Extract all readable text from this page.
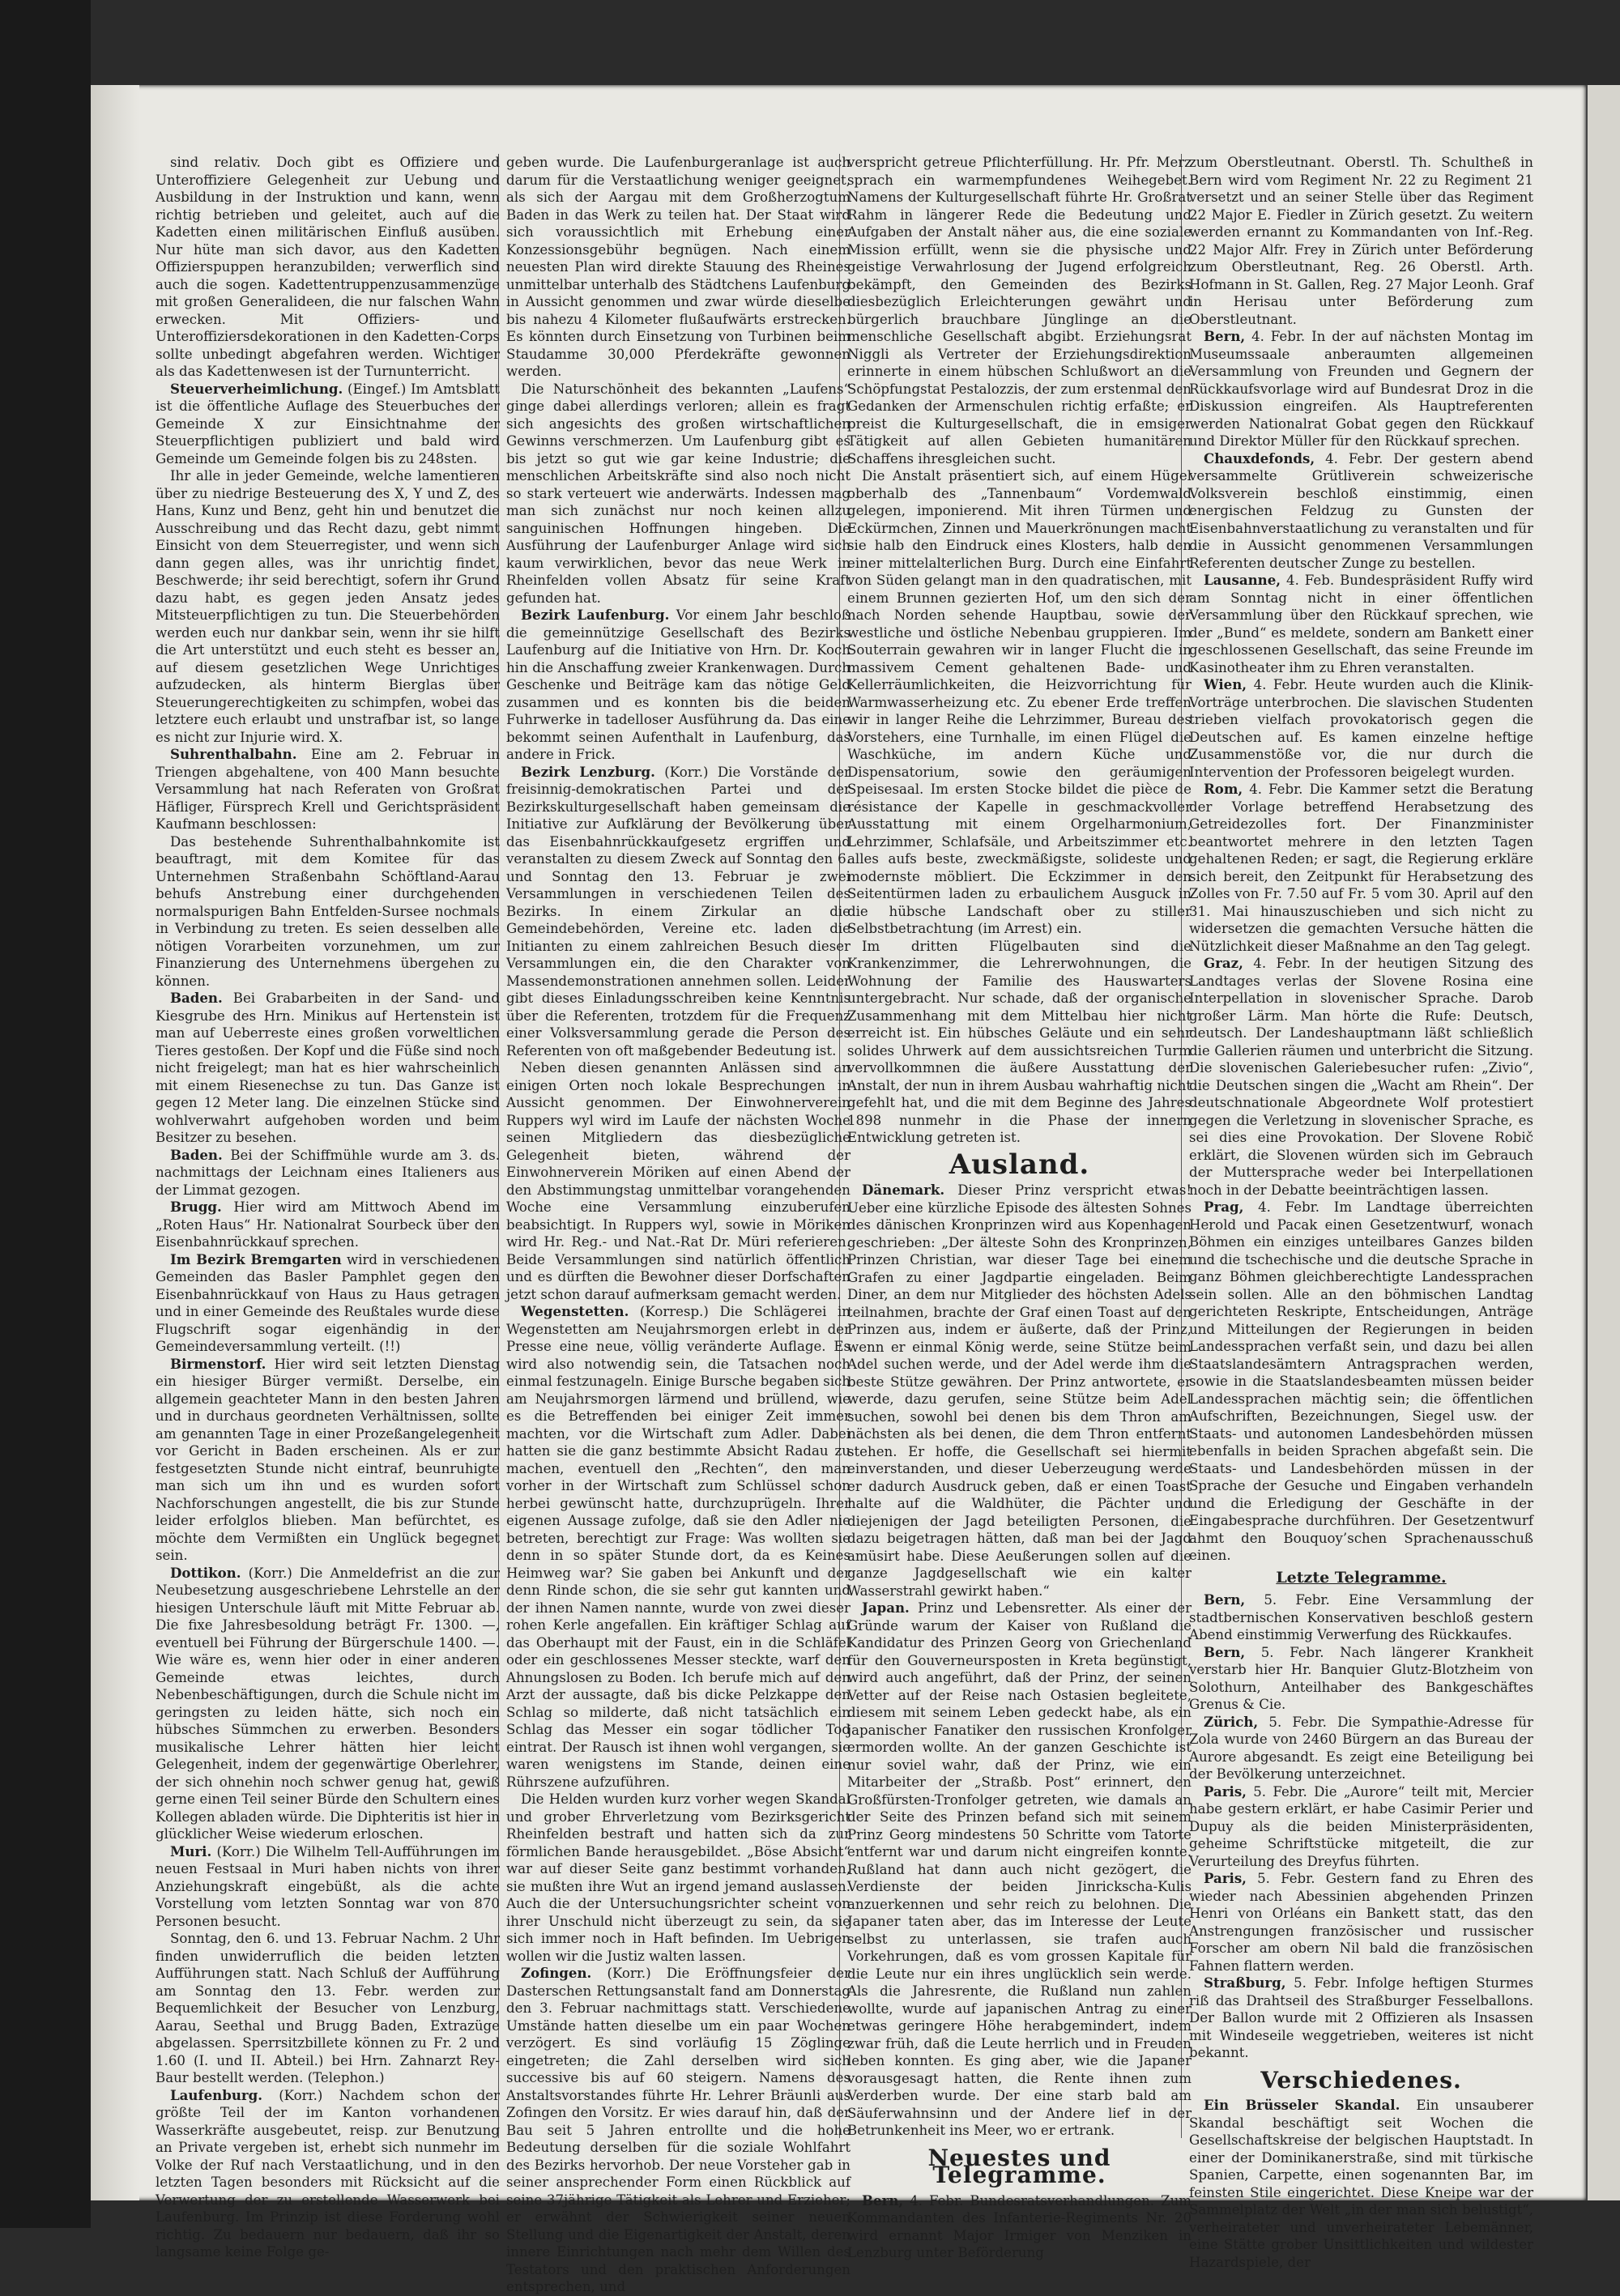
sind relativ. Doch gibt es Offiziere und Unteroffiziere Gelegenheit zur Uebung und Ausbildung in der Instruktion und kann, wenn richtig betrieben und geleitet, auch auf die Kadetten einen militärischen Einfluß ausüben. Nur hüte man sich davor, aus den Kadetten Offizierspuppen heranzubilden; verwerflich sind auch die sogen. Kadettentruppenzusammenzüge mit großen Generalideen, die nur falschen Wahn erwecken. Mit Offiziers- und Unteroffiziersdekorationen in den Kadetten-Corps sollte unbedingt abgefahren werden. Wichtiger als das Kadettenwesen ist der Turnunterricht.

Steuerverheimlichung. (Eingef.) Im Amtsblatt ist die öffentliche Auflage des Steuerbuches der Gemeinde X zur Einsichtnahme der Steuerpflichtigen publiziert und bald wird Gemeinde um Gemeinde folgen bis zu 248sten.

Ihr alle in jeder Gemeinde, welche lamentieren über zu niedrige Besteuerung des X, Y und Z, des Hans, Kunz und Benz, geht hin und benutzet die Ausschreibung und das Recht dazu, gebt nimmt Einsicht von dem Steuerregister, und wenn sich dann gegen alles, was ihr unrichtig findet, Beschwerde; ihr seid berechtigt, sofern ihr Grund dazu habt, es gegen jeden Ansatz jedes Mitsteuerpflichtigen zu tun. Die Steuerbehörden werden euch nur dankbar sein, wenn ihr sie hilft die Art unterstützt und euch steht es besser an, auf diesem gesetzlichen Wege Unrichtiges aufzudecken, als hinterm Bierglas über Steuerungerechtigkeiten zu schimpfen, wobei das letztere euch erlaubt und unstrafbar ist, so lange es nicht zur Injurie wird. X.

Suhrenthalbahn. Eine am 2. Februar in Triengen abgehaltene, von 400 Mann besuchte Versammlung hat nach Referaten von Großrat Häfliger, Fürsprech Krell und Gerichtspräsident Kaufmann beschlossen:

Das bestehende Suhrenthalbahnkomite ist beauftragt, mit dem Komitee für das Unternehmen Straßenbahn Schöftland-Aarau behufs Anstrebung einer durchgehenden normalspurigen Bahn Entfelden-Sursee nochmals in Verbindung zu treten. Es seien desselben alle nötigen Vorarbeiten vorzunehmen, um zur Finanzierung des Unternehmens übergehen zu können.

Baden. Bei Grabarbeiten in der Sand- und Kiesgrube des Hrn. Minikus auf Hertenstein ist man auf Ueberreste eines großen vorweltlichen Tieres gestoßen. Der Kopf und die Füße sind noch nicht freigelegt; man hat es hier wahrscheinlich mit einem Riesenechse zu tun. Das Ganze ist gegen 12 Meter lang. Die einzelnen Stücke sind wohlverwahrt aufgehoben worden und beim Besitzer zu besehen.

Baden. Bei der Schiffmühle wurde am 3. ds. nachmittags der Leichnam eines Italieners aus der Limmat gezogen.

Brugg. Hier wird am Mittwoch Abend im „Roten Haus“ Hr. Nationalrat Sourbeck über den Eisenbahnrückkauf sprechen.

Im Bezirk Bremgarten wird in verschiedenen Gemeinden das Basler Pamphlet gegen den Eisenbahnrückkauf von Haus zu Haus getragen und in einer Gemeinde des Reußtales wurde diese Flugschrift sogar eigenhändig in der Gemeindeversammlung verteilt. (!!)

Birmenstorf. Hier wird seit letzten Dienstag ein hiesiger Bürger vermißt. Derselbe, ein allgemein geachteter Mann in den besten Jahren und in durchaus geordneten Verhältnissen, sollte am genannten Tage in einer Prozeßangelegenheit vor Gericht in Baden erscheinen. Als er zur festgesetzten Stunde nicht eintraf, beunruhigte man sich um ihn und es wurden sofort Nachforschungen angestellt, die bis zur Stunde leider erfolglos blieben. Man befürchtet, es möchte dem Vermißten ein Unglück begegnet sein.

Dottikon. (Korr.) Die Anmeldefrist an die zur Neubesetzung ausgeschriebene Lehrstelle an der hiesigen Unterschule läuft mit Mitte Februar ab. Die fixe Jahresbesoldung beträgt Fr. 1300. —, eventuell bei Führung der Bürgerschule 1400. —. Wie wäre es, wenn hier oder in einer anderen Gemeinde etwas leichtes, durch Nebenbeschäftigungen, durch die Schule nicht im geringsten zu leiden hätte, sich noch ein hübsches Sümmchen zu erwerben. Besonders musikalische Lehrer hätten hier leicht Gelegenheit, indem der gegenwärtige Oberlehrer, der sich ohnehin noch schwer genug hat, gewiß gerne einen Teil seiner Bürde den Schultern eines Kollegen abladen würde. Die Diphteritis ist hier in glücklicher Weise wiederum erloschen.

Muri. (Korr.) Die Wilhelm Tell-Aufführungen im neuen Festsaal in Muri haben nichts von ihrer Anziehungskraft eingebüßt, als die achte Vorstellung vom letzten Sonntag war von 870 Personen besucht.

Sonntag, den 6. und 13. Februar Nachm. 2 Uhr finden unwiderruflich die beiden letzten Aufführungen statt. Nach Schluß der Aufführung am Sonntag den 13. Febr. werden zur Bequemlichkeit der Besucher von Lenzburg, Aarau, Seethal und Brugg Baden, Extrazüge abgelassen. Sperrsitzbillete können zu Fr. 2 und 1.60 (I. und II. Abteil.) bei Hrn. Zahnarzt Rey-Baur bestellt werden. (Telephon.)

Laufenburg. (Korr.) Nachdem schon der größte Teil der im Kanton vorhandenen Wasserkräfte ausgebeutet, reisp. zur Benutzung an Private vergeben ist, erhebt sich nunmehr im Volke der Ruf nach Verstaatlichung, und in den letzten Tagen besonders mit Rücksicht auf die Verwertung der zu erstellende Wasserwerk bei Laufenburg. Im Prinzip ist diese Forderung wohl richtig. Zu bedauern nur bedauern, daß ihr so langsame keine Folge ge-

geben wurde. Die Laufenburgeranlage ist auch darum für die Verstaatlichung weniger geeignet, als sich der Aargau mit dem Großherzogtum Baden in das Werk zu teilen hat. Der Staat wird sich voraussichtlich mit Erhebung einer Konzessionsgebühr begnügen. Nach einem neuesten Plan wird direkte Stauung des Rheines unmittelbar unterhalb des Städtchens Laufenburg in Aussicht genommen und zwar würde dieselbe bis nahezu 4 Kilometer flußaufwärts erstrecken. Es könnten durch Einsetzung von Turbinen beim Staudamme 30,000 Pferdekräfte gewonnen werden.

Die Naturschönheit des bekannten „Laufens“ ginge dabei allerdings verloren; allein es fragt sich angesichts des großen wirtschaftlichen Gewinns verschmerzen. Um Laufenburg gibt es bis jetzt so gut wie gar keine Industrie; die menschlichen Arbeitskräfte sind also noch nicht so stark verteuert wie anderwärts. Indessen mag man sich zunächst nur noch keinen allzu sanguinischen Hoffnungen hingeben. Die Ausführung der Laufenburger Anlage wird sich kaum verwirklichen, bevor das neue Werk in Rheinfelden vollen Absatz für seine Kraft gefunden hat.

Bezirk Laufenburg. Vor einem Jahr beschloß die gemeinnützige Gesellschaft des Bezirks Laufenburg auf die Initiative von Hrn. Dr. Koch hin die Anschaffung zweier Krankenwagen. Durch Geschenke und Beiträge kam das nötige Geld zusammen und es konnten bis die beiden Fuhrwerke in tadelloser Ausführung da. Das eine bekommt seinen Aufenthalt in Laufenburg, das andere in Frick.

Bezirk Lenzburg. (Korr.) Die Vorstände der freisinnig-demokratischen Partei und der Bezirkskulturgesellschaft haben gemeinsam die Initiative zur Aufklärung der Bevölkerung über das Eisenbahnrückkaufgesetz ergriffen und veranstalten zu diesem Zweck auf Sonntag den 6. und Sonntag den 13. Februar je zwei Versammlungen in verschiedenen Teilen des Bezirks. In einem Zirkular an die Gemeindebehörden, Vereine etc. laden die Initianten zu einem zahlreichen Besuch dieser Versammlungen ein, die den Charakter von Massendemonstrationen annehmen sollen. Leider gibt dieses Einladungsschreiben keine Kenntnis über die Referenten, trotzdem für die Frequenz einer Volksversammlung gerade die Person des Referenten von oft maßgebender Bedeutung ist.

Neben diesen genannten Anlässen sind an einigen Orten noch lokale Besprechungen in Aussicht genommen. Der Einwohnerverein Ruppers wyl wird im Laufe der nächsten Woche seinen Mitgliedern das diesbezügliche Gelegenheit bieten, während der Einwohnerverein Möriken auf einen Abend der den Abstimmungstag unmittelbar vorangehenden Woche eine Versammlung einzuberufen beabsichtigt. In Ruppers wyl, sowie in Möriken wird Hr. Reg.- und Nat.-Rat Dr. Müri referieren. Beide Versammlungen sind natürlich öffentlich und es dürften die Bewohner dieser Dorfschaften jetzt schon darauf aufmerksam gemacht werden.

Wegenstetten. (Korresp.) Die Schlägerei in Wegenstetten am Neujahrsmorgen erlebt in der Presse eine neue, völlig veränderte Auflage. Es wird also notwendig sein, die Tatsachen noch einmal festzunageln. Einige Bursche begaben sich am Neujahrsmorgen lärmend und brüllend, wie es die Betreffenden bei einiger Zeit immer machten, vor die Wirtschaft zum Adler. Dabei hatten sie die ganz bestimmte Absicht Radau zu machen, eventuell den „Rechten“, den man vorher in der Wirtschaft zum Schlüssel schon herbei gewünscht hatte, durchzuprügeln. Ihrer eigenen Aussage zufolge, daß sie den Adler nie betreten, berechtigt zur Frage: Was wollten sie denn in so später Stunde dort, da es Keines Heimweg war? Sie gaben bei Ankunft und der denn Rinde schon, die sie sehr gut kannten und der ihnen Namen nannte, wurde von zwei dieser rohen Kerle angefallen. Ein kräftiger Schlag auf das Oberhaupt mit der Faust, ein in die Schläfel oder ein geschlossenes Messer steckte, warf den Ahnungslosen zu Boden. Ich berufe mich auf den Arzt der aussagte, daß bis dicke Pelzkappe den Schlag so milderte, daß nicht tatsächlich ein Schlag das Messer ein sogar tödlicher Tod eintrat. Der Rausch ist ihnen wohl vergangen, sie waren wenigstens im Stande, deinen eine Rührszene aufzuführen.

Die Helden wurden kurz vorher wegen Skandal und grober Ehrverletzung vom Bezirksgericht Rheinfelden bestraft und hatten sich da zur förmlichen Bande herausgebildet. „Böse Absicht“ war auf dieser Seite ganz bestimmt vorhanden, sie mußten ihre Wut an irgend jemand auslassen. Auch die der Untersuchungsrichter scheint von ihrer Unschuld nicht überzeugt zu sein, da sie sich immer noch in Haft befinden. Im Uebrigen wollen wir die Justiz walten lassen.

Zofingen. (Korr.) Die Eröffnungsfeier der Dasterschen Rettungsanstalt fand am Donnerstag den 3. Februar nachmittags statt. Verschiedene Umstände hatten dieselbe um ein paar Wochen verzögert. Es sind vorläufig 15 Zöglinge eingetreten; die Zahl derselben wird sich successive bis auf 60 steigern. Namens des Anstaltsvorstandes führte Hr. Lehrer Bräunli aus Zofingen den Vorsitz. Er wies darauf hin, daß der Bau seit 5 Jahren entrollte und die hohe Bedeutung derselben für die soziale Wohlfahrt des Bezirks hervorhob. Der neue Vorsteher gab in seiner ansprechender Form einen Rückblick auf seine 37jährige Tätigkeit als Lehrer und Erzieher; er erwähnt der Schwierigkeit seiner neuen Stellung und die Eigenartigkeit der Anstalt, deren innere Einrichtungen nach mehr dem Willen des Testators und den praktischen Anforderungen entsprechen, und

verspricht getreue Pflichterfüllung. Hr. Pfr. Merz sprach ein warmempfundenes Weihegebet. Namens der Kulturgesellschaft führte Hr. Großrat Rahm in längerer Rede die Bedeutung und Aufgaben der Anstalt näher aus, die eine soziale Mission erfüllt, wenn sie die physische und geistige Verwahrlosung der Jugend erfolgreich bekämpft, den Gemeinden des Bezirks diesbezüglich Erleichterungen gewährt und bürgerlich brauchbare Jünglinge an die menschliche Gesellschaft abgibt. Erziehungsrat Niggli als Vertreter der Erziehungsdirektion erinnerte in einem hübschen Schlußwort an die Schöpfungstat Pestalozzis, der zum erstenmal den Gedanken der Armenschulen richtig erfaßte; er preist die Kulturgesellschaft, die in emsiger Tätigkeit auf allen Gebieten humanitären Schaffens ihresgleichen sucht.

Die Anstalt präsentiert sich, auf einem Hügel oberhalb des „Tannenbaum“ Vordemwald gelegen, imponierend. Mit ihren Türmen und Eckürmchen, Zinnen und Mauerkrönungen macht sie halb den Eindruck eines Klosters, halb den einer mittelalterlichen Burg. Durch eine Einfahrt von Süden gelangt man in den quadratischen, mit einem Brunnen gezierten Hof, um den sich der nach Norden sehende Hauptbau, sowie der westliche und östliche Nebenbau gruppieren. Im Souterrain gewahren wir in langer Flucht die in massivem Cement gehaltenen Bade- und Kellerräumlichkeiten, die Heizvorrichtung für Warmwasserheizung etc. Zu ebener Erde treffen wir in langer Reihe die Lehrzimmer, Bureau des Vorstehers, eine Turnhalle, im einen Flügel die Waschküche, im andern Küche und Dispensatorium, sowie den geräumigen Speisesaal. Im ersten Stocke bildet die pièce de résistance der Kapelle in geschmackvoller Ausstattung mit einem Orgelharmonium, Lehrzimmer, Schlafsäle, und Arbeitszimmer etc. alles aufs beste, zweckmäßigste, solideste und modernste möbliert. Die Eckzimmer in den Seitentürmen laden zu erbaulichem Ausguck in die hübsche Landschaft ober zu stiller Selbstbetrachtung (im Arrest) ein.

Im dritten Flügelbauten sind die Krankenzimmer, die Lehrerwohnungen, die Wohnung der Familie des Hauswarters untergebracht. Nur schade, daß der organische Zusammenhang mit dem Mittelbau hier nicht erreicht ist. Ein hübsches Geläute und ein sehr solides Uhrwerk auf dem aussichtsreichen Turm vervollkommnen die äußere Ausstattung der Anstalt, der nun in ihrem Ausbau wahrhaftig nicht gefehlt hat, und die mit dem Beginne des Jahres 1898 nunmehr in die Phase der innern Entwicklung getreten ist.

Ausland.

Dänemark. Dieser Prinz verspricht etwas! Ueber eine kürzliche Episode des ältesten Sohnes des dänischen Kronprinzen wird aus Kopenhagen geschrieben: „Der älteste Sohn des Kronprinzen, Prinzen Christian, war dieser Tage bei einem Grafen zu einer Jagdpartie eingeladen. Beim Diner, an dem nur Mitglieder des höchsten Adels teilnahmen, brachte der Graf einen Toast auf den Prinzen aus, indem er äußerte, daß der Prinz, wenn er einmal König werde, seine Stütze beim Adel suchen werde, und der Adel werde ihm die beste Stütze gewähren. Der Prinz antwortete, er werde, dazu gerufen, seine Stütze beim Adel suchen, sowohl bei denen bis dem Thron am nächsten als bei denen, die dem Thron entfernt stehen. Er hoffe, die Gesellschaft sei hiermit einverstanden, und dieser Ueberzeugung werde er dadurch Ausdruck geben, daß er einen Toast halte auf die Waldhüter, die Pächter und diejenigen der Jagd beteiligten Personen, die dazu beigetragen hätten, daß man bei der Jagd amüsirt habe. Diese Aeußerungen sollen auf die ganze Jagdgesellschaft wie ein kalter Wasserstrahl gewirkt haben.“

Japan. Prinz und Lebensretter. Als einer der Gründe warum der Kaiser von Rußland die Kandidatur des Prinzen Georg von Griechenland für den Gouverneursposten in Kreta begünstigt, wird auch angeführt, daß der Prinz, der seinen Vetter auf der Reise nach Ostasien begleitete, diesem mit seinem Leben gedeckt habe, als ein japanischer Fanatiker den russischen Kronfolger ermorden wollte. An der ganzen Geschichte ist nur soviel wahr, daß der Prinz, wie ein Mitarbeiter der „Straßb. Post“ erinnert, den Großfürsten-Tronfolger getreten, wie damals an der Seite des Prinzen befand sich mit seinem Prinz Georg mindestens 50 Schritte vom Tatorte entfernt war und darum nicht eingreifen konnte. Rußland hat dann auch nicht gezögert, die Verdienste der beiden Jinrickscha-Kulis anzuerkennen und sehr reich zu belohnen. Die Japaner taten aber, das im Interesse der Leute selbst zu unterlassen, sie trafen auch Vorkehrungen, daß es vom grossen Kapitale für die Leute nur ein ihres unglücklich sein werde. Als die Jahresrente, die Rußland nun zahlen wollte, wurde auf japanischen Antrag zu einer etwas geringere Höhe herabgemindert, indem zwar früh, daß die Leute herrlich und in Freuden leben konnten. Es ging aber, wie die Japaner vorausgesagt hatten, die Rente ihnen zum Verderben wurde. Der eine starb bald am Säuferwahnsinn und der Andere lief in der Betrunkenheit ins Meer, wo er ertrank.

Neuestes und Telegramme.

Bern, 4. Febr. Bundesratsverhandlungen. Zum Kommandanten des Infanterie-Regiments Nr. 20 wird ernannt Major Irmiger von Menziken in Lenzburg unter Beförderung

zum Oberstleutnant. Oberstl. Th. Schultheß in Bern wird vom Regiment Nr. 22 zu Regiment 21 versetzt und an seiner Stelle über das Regiment 22 Major E. Fiedler in Zürich gesetzt. Zu weitern werden ernannt zu Kommandanten von Inf.-Reg. 22 Major Alfr. Frey in Zürich unter Beförderung zum Oberstleutnant, Reg. 26 Oberstl. Arth. Hofmann in St. Gallen, Reg. 27 Major Leonh. Graf in Herisau unter Beförderung zum Oberstleutnant.

Bern, 4. Febr. In der auf nächsten Montag im Museumssaale anberaumten allgemeinen Versammlung von Freunden und Gegnern der Rückkaufsvorlage wird auf Bundesrat Droz in die Diskussion eingreifen. Als Hauptreferenten werden Nationalrat Gobat gegen den Rückkauf und Direktor Müller für den Rückkauf sprechen.

Chauxdefonds, 4. Febr. Der gestern abend versammelte Grütliverein schweizerische Volksverein beschloß einstimmig, einen energischen Feldzug zu Gunsten der Eisenbahnverstaatlichung zu veranstalten und für die in Aussicht genommenen Versammlungen Referenten deutscher Zunge zu bestellen.

Lausanne, 4. Feb. Bundespräsident Ruffy wird am Sonntag nicht in einer öffentlichen Versammlung über den Rückkauf sprechen, wie der „Bund“ es meldete, sondern am Bankett einer geschlossenen Gesellschaft, das seine Freunde im Kasinotheater ihm zu Ehren veranstalten.

Wien, 4. Febr. Heute wurden auch die Klinik-Vorträge unterbrochen. Die slavischen Studenten trieben vielfach provokatorisch gegen die Deutschen auf. Es kamen einzelne heftige Zusammenstöße vor, die nur durch die Intervention der Professoren beigelegt wurden.

Rom, 4. Febr. Die Kammer setzt die Beratung der Vorlage betreffend Herabsetzung des Getreidezolles fort. Der Finanzminister beantwortet mehrere in den letzten Tagen gehaltenen Reden; er sagt, die Regierung erkläre sich bereit, den Zeitpunkt für Herabsetzung des Zolles von Fr. 7.50 auf Fr. 5 vom 30. April auf den 31. Mai hinauszuschieben und sich nicht zu widersetzen die gemachten Versuche hätten die Nützlichkeit dieser Maßnahme an den Tag gelegt.

Graz, 4. Febr. In der heutigen Sitzung des Landtages verlas der Slovene Rosina eine Interpellation in slovenischer Sprache. Darob großer Lärm. Man hörte die Rufe: Deutsch, deutsch. Der Landeshauptmann läßt schließlich die Gallerien räumen und unterbricht die Sitzung. Die slovenischen Galeriebesucher rufen: „Zivio“, die Deutschen singen die „Wacht am Rhein“. Der deutschnationale Abgeordnete Wolf protestiert gegen die Verletzung in slovenischer Sprache, es sei dies eine Provokation. Der Slovene Robič erklärt, die Slovenen würden sich im Gebrauch der Muttersprache weder bei Interpellationen noch in der Debatte beeinträchtigen lassen.

Prag, 4. Febr. Im Landtage überreichten Herold und Pacak einen Gesetzentwurf, wonach Böhmen ein einziges unteilbares Ganzes bilden und die tschechische und die deutsche Sprache in ganz Böhmen gleichberechtigte Landessprachen sein sollen. Alle an den böhmischen Landtag gerichteten Reskripte, Entscheidungen, Anträge und Mitteilungen der Regierungen in beiden Landessprachen verfaßt sein, und dazu bei allen Staatslandesämtern Antragsprachen werden, sowie in die Staatslandesbeamten müssen beider Landessprachen mächtig sein; die öffentlichen Aufschriften, Bezeichnungen, Siegel usw. der Staats- und autonomen Landesbehörden müssen ebenfalls in beiden Sprachen abgefaßt sein. Die Staats- und Landesbehörden müssen in der Sprache der Gesuche und Eingaben verhandeln und die Erledigung der Geschäfte in der Eingabesprache durchführen. Der Gesetzentwurf ahmt den Bouquoy’schen Sprachenausschuß einen.

Letzte Telegramme.

Bern, 5. Febr. Eine Versammlung der stadtbernischen Konservativen beschloß gestern Abend einstimmig Verwerfung des Rückkaufes.

Bern, 5. Febr. Nach längerer Krankheit verstarb hier Hr. Banquier Glutz-Blotzheim von Solothurn, Anteilhaber des Bankgeschäftes Grenus & Cie.

Zürich, 5. Febr. Die Sympathie-Adresse für Zola wurde von 2460 Bürgern an das Bureau der Aurore abgesandt. Es zeigt eine Beteiligung bei der Bevölkerung unterzeichnet.

Paris, 5. Febr. Die „Aurore“ teilt mit, Mercier habe gestern erklärt, er habe Casimir Perier und Dupuy als die beiden Ministerpräsidenten, geheime Schriftstücke mitgeteilt, die zur Verurteilung des Dreyfus führten.

Paris, 5. Febr. Gestern fand zu Ehren des wieder nach Abessinien abgehenden Prinzen Henri von Orléans ein Bankett statt, das den Anstrengungen französischer und russischer Forscher am obern Nil bald die französischen Fahnen flattern werden.

Straßburg, 5. Febr. Infolge heftigen Sturmes riß das Drahtseil des Straßburger Fesselballons. Der Ballon wurde mit 2 Offizieren als Insassen mit Windeseile weggetrieben, weiteres ist nicht bekannt.

Verschiedenes.

Ein Brüsseler Skandal. Ein unsauberer Skandal beschäftigt seit Wochen die Gesellschaftskreise der belgischen Hauptstadt. In einer der Dominikanerstraße, sind mit türkische Spanien, Carpette, einen sogenannten Bar, im feinsten Stile eingerichtet. Diese Kneipe war der Sammelplatz der Welt „in der man sich belustigt“, verheirateter und unverheirateter Lebemänner, eine Stätte grober Unsittlichkeiten und wildester Hazardspiele, der
